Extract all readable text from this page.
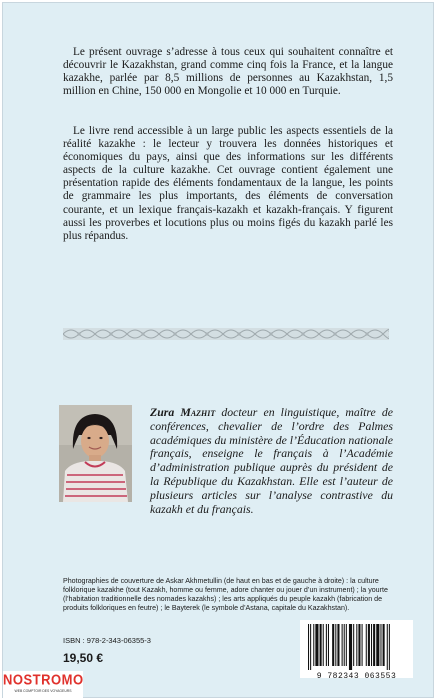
Le présent ouvrage s’adresse à tous ceux qui souhaitent connaître et découvrir le Kazakhstan, grand comme cinq fois la France, et la langue kazakhe, parlée par 8,5 millions de personnes au Kazakhstan, 1,5 million en Chine, 150 000 en Mongolie et 10 000 en Turquie.

Le livre rend accessible à un large public les aspects essentiels de la réalité kazakhe : le lecteur y trouvera les données historiques et économiques du pays, ainsi que des informations sur les différents aspects de la culture kazakhe. Cet ouvrage contient également une présentation rapide des éléments fondamentaux de la langue, les points de grammaire les plus importants, des éléments de conversation courante, et un lexique français-kazakh et kazakh-français. Y figurent aussi les proverbes et locutions plus ou moins figés du kazakh parlé les plus répandus.

Zura Mazhit docteur en linguistique, maître de conférences, chevalier de l’ordre des Palmes académiques du ministère de l’Éducation nationale français, enseigne le français à l’Académie d’administration publique auprès du président de la République du Kazakhstan. Elle est l’auteur de plusieurs articles sur l’analyse contrastive du kazakh et du français.

Photographies de couverture de Askar Akhmetullin (de haut en bas et de gauche à droite) : la culture folklorique kazakhe (tout Kazakh, homme ou femme, adore chanter ou jouer d’un instrument) ; la yourte (l’habitation traditionnelle des nomades kazakhs) ; les arts appliqués du peuple kazakh (fabrication de produits folkloriques en feutre) ; le Bayterek (le symbole d’Astana, capitale du Kazakhstan).

ISBN : 978-2-343-06355-3
19,50 €
9 782343 063553
NOSTROMO
WEB COMPTOIR DES VOYAGEURS
